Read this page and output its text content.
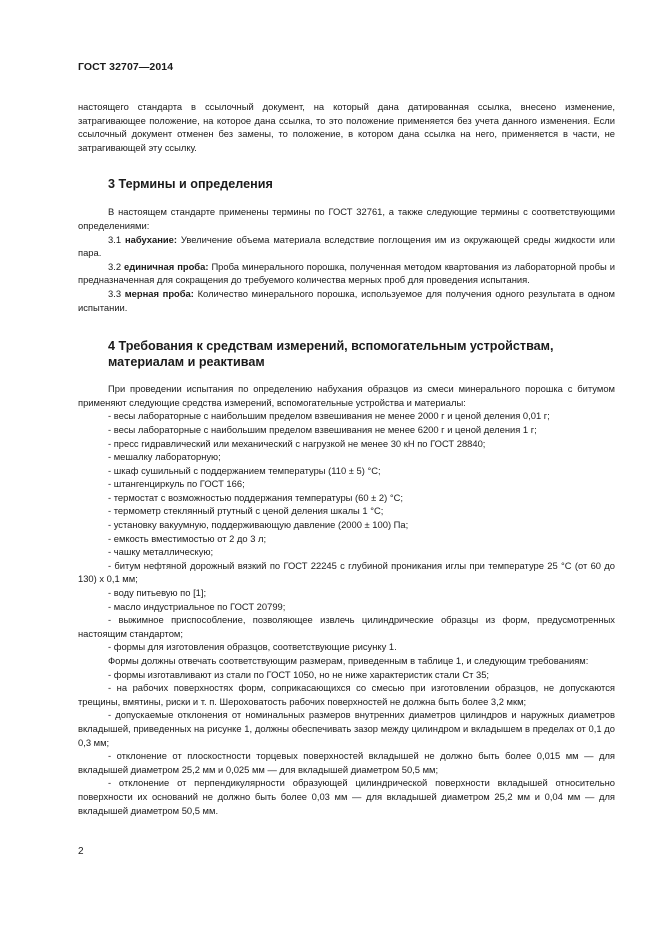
ГОСТ 32707—2014

настоящего стандарта в ссылочный документ, на который дана датированная ссылка, внесено изменение, затрагивающее положение, на которое дана ссылка, то это положение применяется без учета данного изменения. Если ссылочный документ отменен без замены, то положение, в котором дана ссылка на него, применяется в части, не затрагивающей эту ссылку.

3 Термины и определения

В настоящем стандарте применены термины по ГОСТ 32761, а также следующие термины с соответствующими определениями:

3.1 набухание: Увеличение объема материала вследствие поглощения им из окружающей среды жидкости или пара.

3.2 единичная проба: Проба минерального порошка, полученная методом квартования из лабораторной пробы и предназначенная для сокращения до требуемого количества мерных проб для проведения испытания.

3.3 мерная проба: Количество минерального порошка, используемое для получения одного результата в одном испытании.

4 Требования к средствам измерений, вспомогательным устройствам,
материалам и реактивам

При проведении испытания по определению набухания образцов из смеси минерального порошка с битумом применяют следующие средства измерений, вспомогательные устройства и материалы:

- весы лабораторные с наибольшим пределом взвешивания не менее 2000 г и ценой деления 0,01 г;

- весы лабораторные с наибольшим пределом взвешивания не менее 6200 г и ценой деления 1 г;

- пресс гидравлический или механический с нагрузкой не менее 30 кН по ГОСТ 28840;

- мешалку лабораторную;

- шкаф сушильный с поддержанием температуры (110 ± 5) °C;

- штангенциркуль по ГОСТ 166;

- термостат с возможностью поддержания температуры (60 ± 2) °C;

- термометр стеклянный ртутный с ценой деления шкалы 1 °C;

- установку вакуумную, поддерживающую давление (2000 ± 100) Па;

- емкость вместимостью от 2 до 3 л;

- чашку металлическую;

- битум нефтяной дорожный вязкий по ГОСТ 22245 с глубиной проникания иглы при температуре 25 °C (от 60 до 130) х 0,1 мм;

- воду питьевую по [1];

- масло индустриальное по ГОСТ 20799;

- выжимное приспособление, позволяющее извлечь цилиндрические образцы из форм, предусмотренных настоящим стандартом;

- формы для изготовления образцов, соответствующие рисунку 1.

Формы должны отвечать соответствующим размерам, приведенным в таблице 1, и следующим требованиям:

- формы изготавливают из стали по ГОСТ 1050, но не ниже характеристик стали Ст 35;

- на рабочих поверхностях форм, соприкасающихся со смесью при изготовлении образцов, не допускаются трещины, вмятины, риски и т. п. Шероховатость рабочих поверхностей не должна быть более 3,2 мкм;

- допускаемые отклонения от номинальных размеров внутренних диаметров цилиндров и наружных диаметров вкладышей, приведенных на рисунке 1, должны обеспечивать зазор между цилиндром и вкладышем в пределах от 0,1 до 0,3 мм;

- отклонение от плоскостности торцевых поверхностей вкладышей не должно быть более 0,015 мм — для вкладышей диаметром 25,2 мм и 0,025 мм — для вкладышей диаметром 50,5 мм;

- отклонение от перпендикулярности образующей цилиндрической поверхности вкладышей относительно поверхности их оснований не должно быть более 0,03 мм — для вкладышей диаметром 25,2 мм и 0,04 мм — для вкладышей диаметром 50,5 мм.

2
